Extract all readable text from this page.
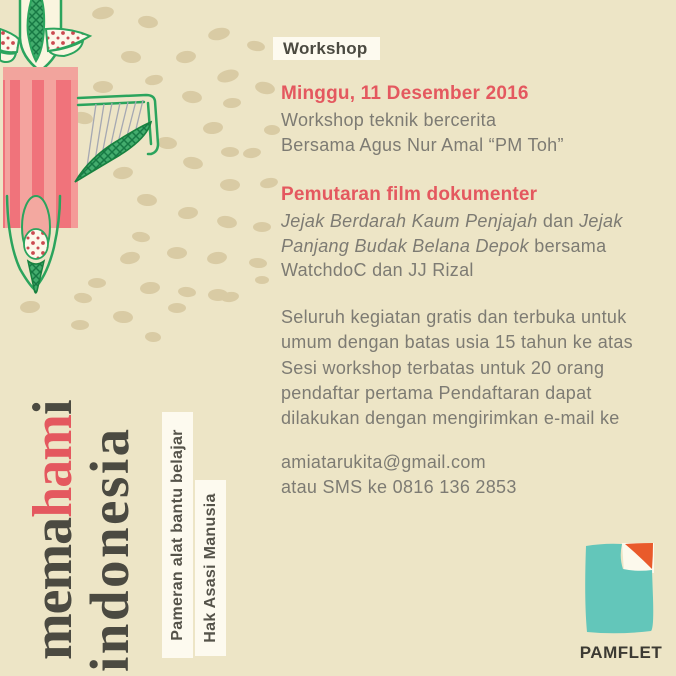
Workshop
Minggu, 11 Desember 2016
Workshop teknik bercerita
Bersama Agus Nur Amal “PM Toh”
Pemutaran film dokumenter
Jejak Berdarah Kaum Penjajah dan Jejak
Panjang Budak Belana Depok bersama
WatchdoC dan JJ Rizal
Seluruh kegiatan gratis dan terbuka untuk
umum dengan batas usia 15 tahun ke atas
Sesi workshop terbatas untuk 20 orang
pendaftar pertama Pendaftaran dapat
dilakukan dengan mengirimkan e-mail ke
amiatarukita@gmail.com
atau SMS ke 0816 136 2853
memahami
indonesia	Pameran alat bantu belajar	Hak Asasi Manusia
PAMFLET
